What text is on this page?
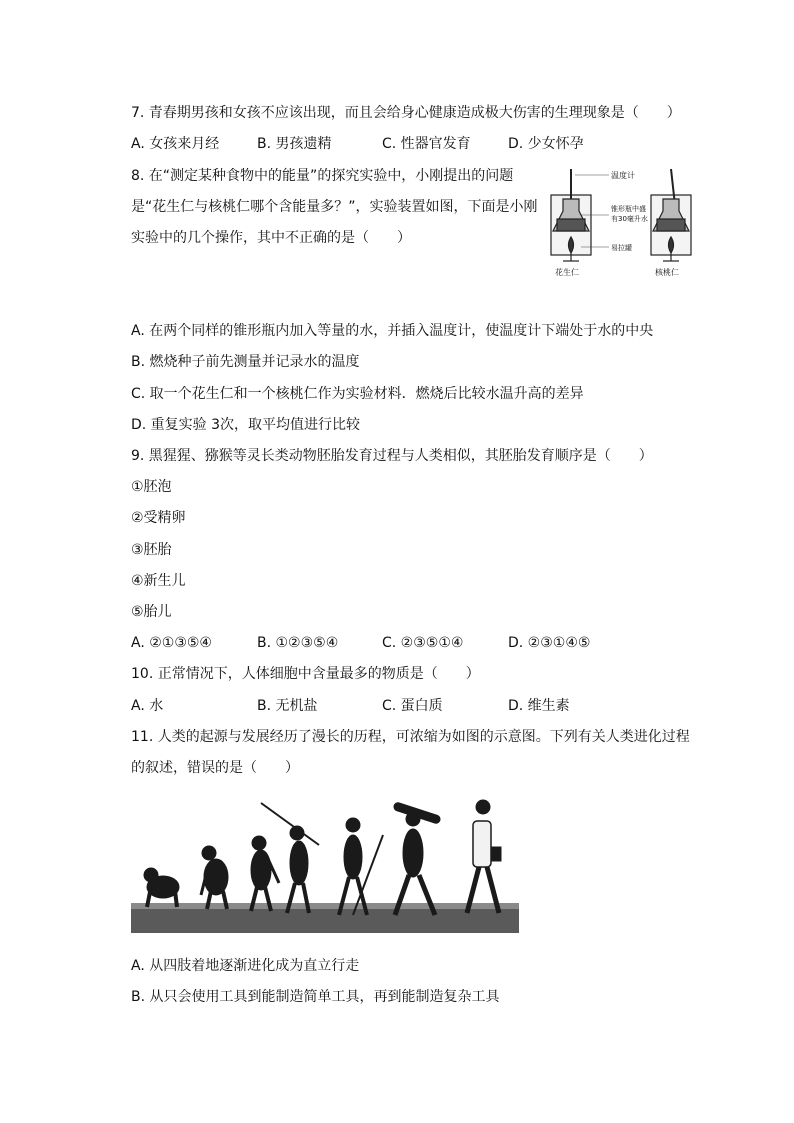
7. 青春期男孩和女孩不应该出现，而且会给身心健康造成极大伤害的生理现象是（　　）
A. 女孩来月经	B. 男孩遗精	C. 性器官发育	D. 少女怀孕
8. 在“测定某种食物中的能量”的探究实验中，小刚提出的问题
是“花生仁与核桃仁哪个含能量多？”，实验装置如图，下面是小刚
实验中的几个操作，其中不正确的是（　　）
温度计
锥形瓶中盛
有30毫升水
易拉罐
花生仁	核桃仁
A. 在两个同样的锥形瓶内加入等量的水，并插入温度计，使温度计下端处于水的中央
B. 燃烧种子前先测量并记录水的温度
C. 取一个花生仁和一个核桃仁作为实验材料．燃烧后比较水温升高的差异
D. 重复实验 3次，取平均值进行比较
9. 黑猩猩、猕猴等灵长类动物胚胎发育过程与人类相似，其胚胎发育顺序是（　　）
①胚泡
②受精卵
③胚胎
④新生儿
⑤胎儿
A. ②①③⑤④	B. ①②③⑤④	C. ②③⑤①④	D. ②③①④⑤
10. 正常情况下，人体细胞中含量最多的物质是（　　）
A. 水	B. 无机盐	C. 蛋白质	D. 维生素
11. 人类的起源与发展经历了漫长的历程，可浓缩为如图的示意图。下列有关人类进化过程
的叙述，错误的是（　　）
A. 从四肢着地逐渐进化成为直立行走
B. 从只会使用工具到能制造简单工具，再到能制造复杂工具
